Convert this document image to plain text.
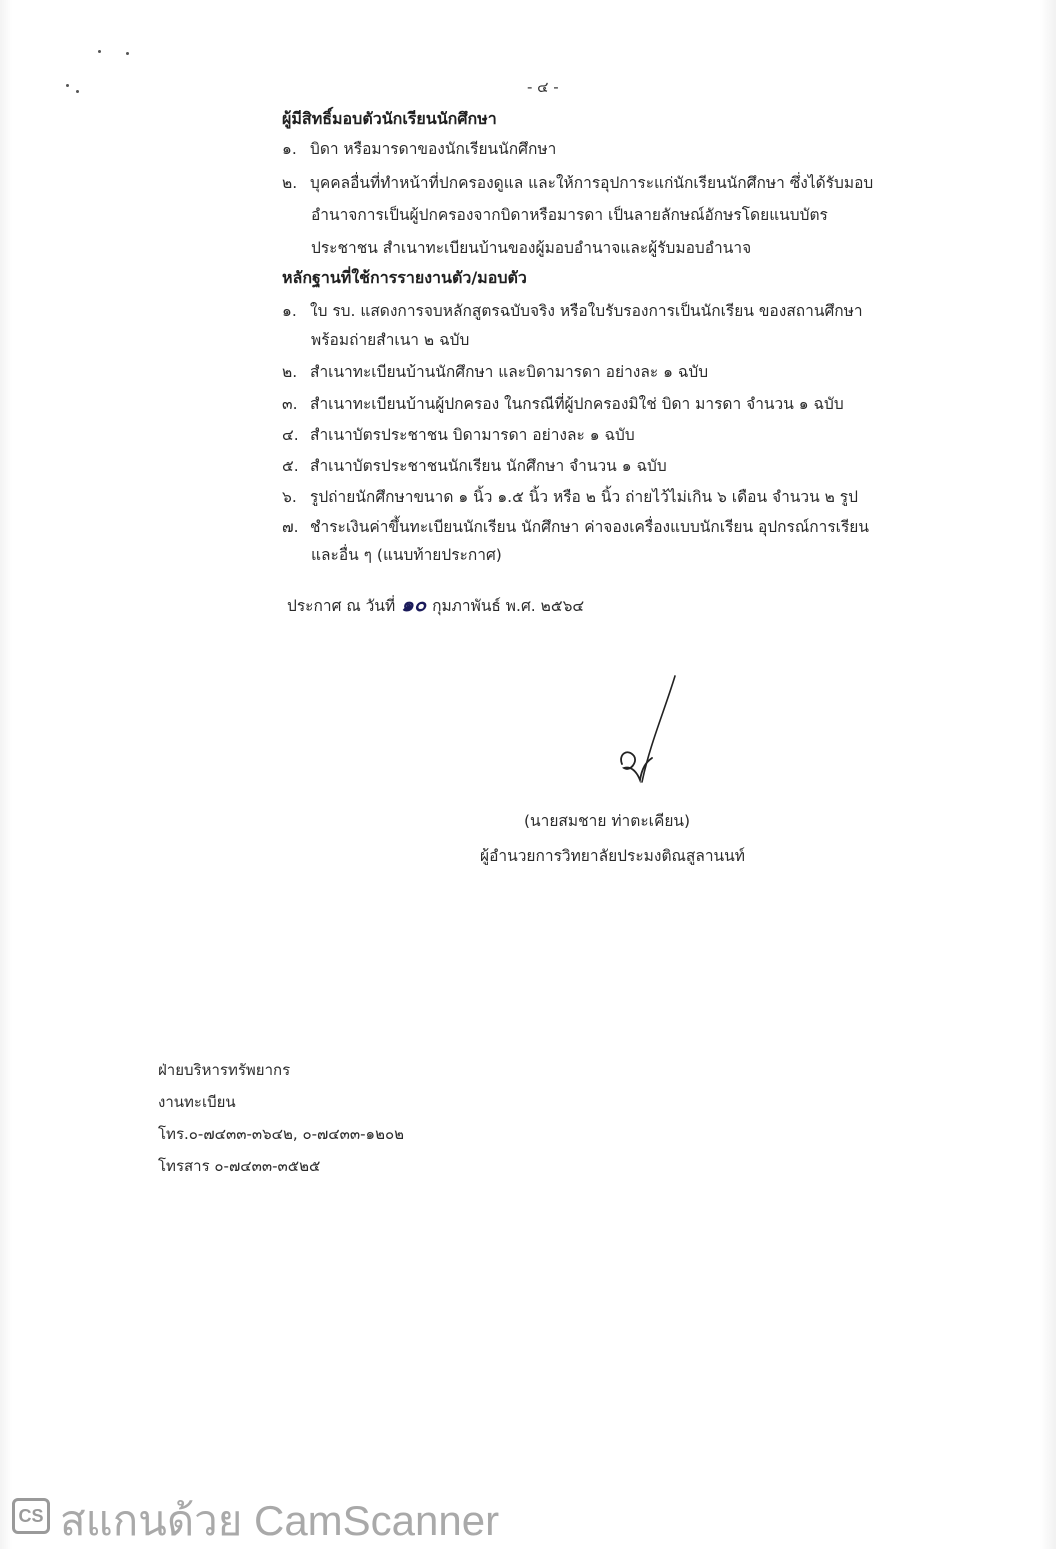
- ๔ -
ผู้มีสิทธิ์มอบตัวนักเรียนนักศึกษา
๑. บิดา หรือมารดาของนักเรียนนักศึกษา
๒. บุคคลอื่นที่ทำหน้าที่ปกครองดูแล และให้การอุปการะแก่นักเรียนนักศึกษา ซึ่งได้รับมอบ
อำนาจการเป็นผู้ปกครองจากบิดาหรือมารดา เป็นลายลักษณ์อักษรโดยแนบบัตร
ประชาชน สำเนาทะเบียนบ้านของผู้มอบอำนาจและผู้รับมอบอำนาจ
หลักฐานที่ใช้การรายงานตัว/มอบตัว
๑. ใบ รบ. แสดงการจบหลักสูตรฉบับจริง หรือใบรับรองการเป็นนักเรียน ของสถานศึกษา
พร้อมถ่ายสำเนา ๒ ฉบับ
๒. สำเนาทะเบียนบ้านนักศึกษา และบิดามารดา อย่างละ ๑ ฉบับ
๓. สำเนาทะเบียนบ้านผู้ปกครอง ในกรณีที่ผู้ปกครองมิใช่ บิดา มารดา จำนวน ๑ ฉบับ
๔. สำเนาบัตรประชาชน บิดามารดา อย่างละ ๑ ฉบับ
๕. สำเนาบัตรประชาชนนักเรียน นักศึกษา จำนวน ๑ ฉบับ
๖. รูปถ่ายนักศึกษาขนาด ๑ นิ้ว ๑.๕ นิ้ว หรือ ๒ นิ้ว ถ่ายไว้ไม่เกิน ๖ เดือน จำนวน ๒ รูป
๗. ชำระเงินค่าขึ้นทะเบียนนักเรียน นักศึกษา ค่าจองเครื่องแบบนักเรียน อุปกรณ์การเรียน
และอื่น ๆ (แนบท้ายประกาศ)
ประกาศ ณ วันที่ ๑๐ กุมภาพันธ์ พ.ศ. ๒๕๖๔
(นายสมชาย ท่าตะเคียน)
ผู้อำนวยการวิทยาลัยประมงติณสูลานนท์
ฝ่ายบริหารทรัพยากร
งานทะเบียน
โทร.๐-๗๔๓๓-๓๖๔๒, ๐-๗๔๓๓-๑๒๐๒
โทรสาร ๐-๗๔๓๓-๓๕๒๕
CS สแกนด้วย CamScanner
